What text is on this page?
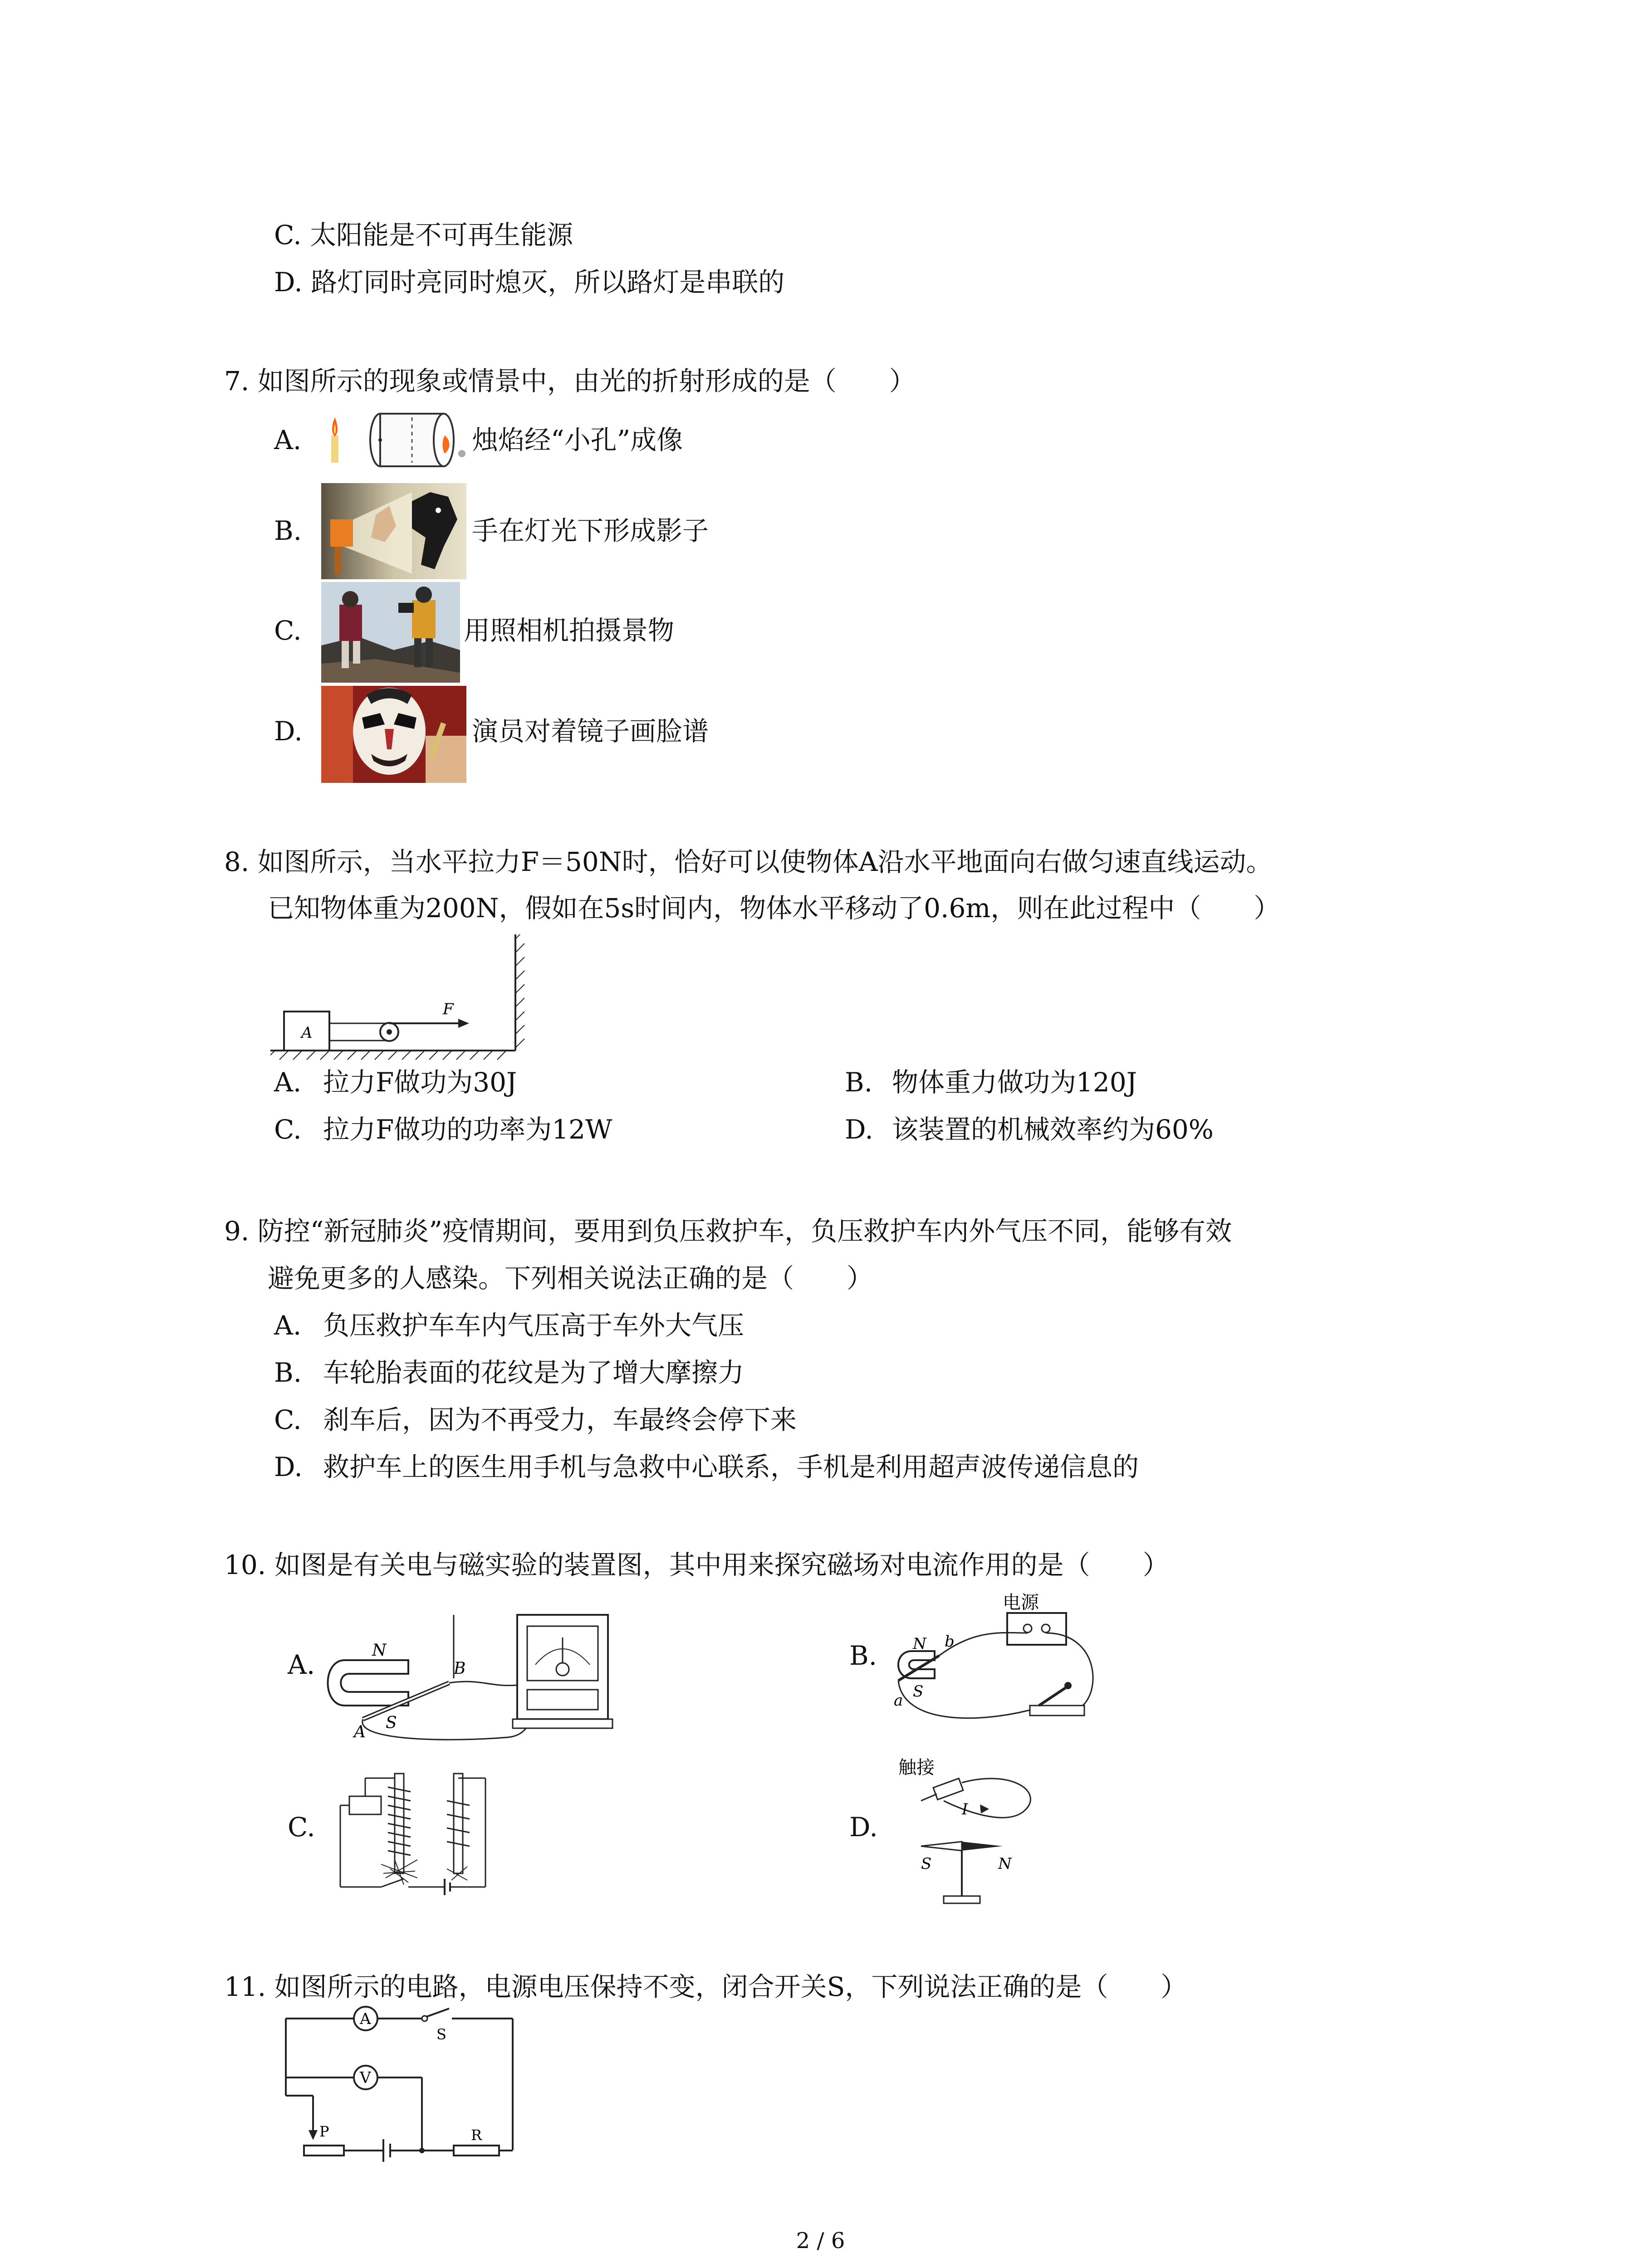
C. 太阳能是不可再生能源
D. 路灯同时亮同时熄灭，所以路灯是串联的
7. 如图所示的现象或情景中，由光的折射形成的是（　　）
A.	烛焰经“小孔”成像
B.	手在灯光下形成影子
C.	用照相机拍摄景物
D.	演员对着镜子画脸谱
8. 如图所示，当水平拉力F＝50N时，恰好可以使物体A沿水平地面向右做匀速直线运动。
已知物体重为200N，假如在5s时间内，物体水平移动了0.6m，则在此过程中（　　）
A
F
A. 拉力F做功为30J	B. 物体重力做功为120J
C. 拉力F做功的功率为12W	D. 该装置的机械效率约为60%
9. 防控“新冠肺炎”疫情期间，要用到负压救护车，负压救护车内外气压不同，能够有效
避免更多的人感染。下列相关说法正确的是（　　）
A. 负压救护车车内气压高于车外大气压
B. 车轮胎表面的花纹是为了增大摩擦力
C. 刹车后，因为不再受力，车最终会停下来
D. 救护车上的医生用手机与急救中心联系，手机是利用超声波传递信息的
10. 如图是有关电与磁实验的装置图，其中用来探究磁场对电流作用的是（　　）
A.	N
S
A
B	B.
电源
N
S
b
a
C.	D.
触接
I
S	N
11. 如图所示的电路，电源电压保持不变，闭合开关S，下列说法正确的是（　　）
A
S
V
P	R
2 / 6
